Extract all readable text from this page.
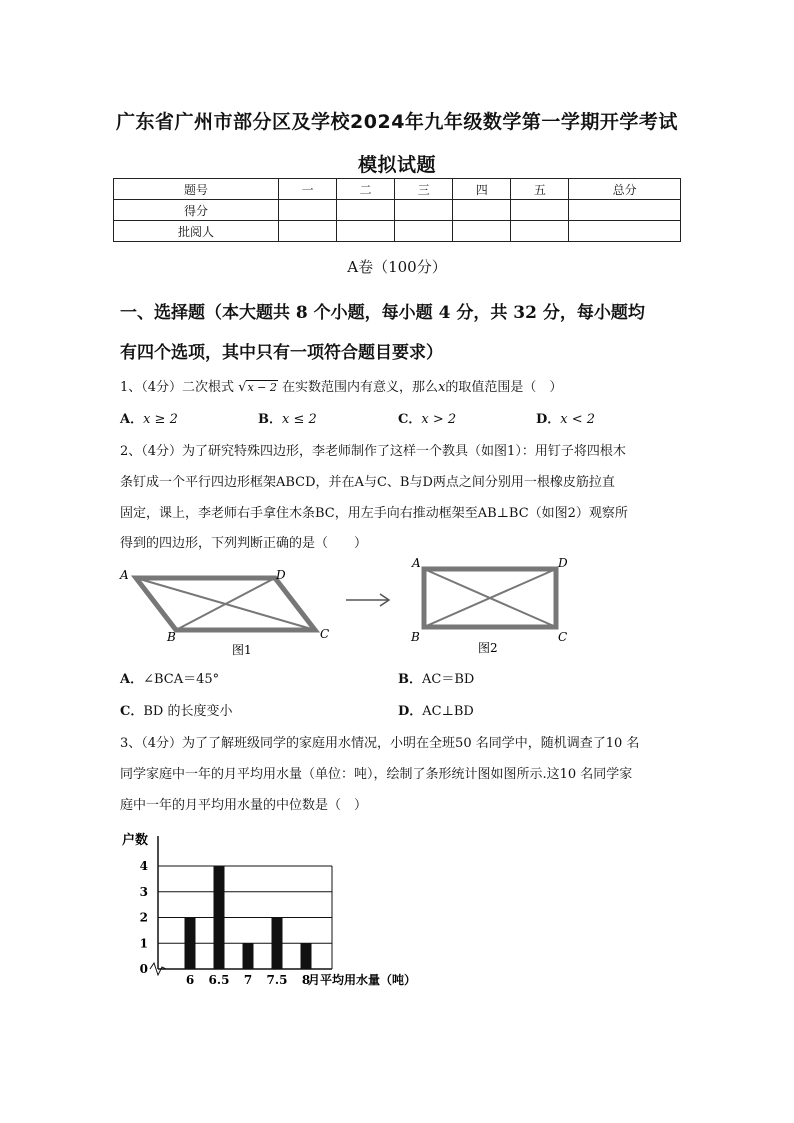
广东省广州市部分区及学校2024年九年级数学第一学期开学考试
模拟试题
题号	一	二	三	四	五	总分
得分						
批阅人						
A卷（100分）
一、选择题（本大题共 8 个小题，每小题 4 分，共 32 分，每小题均
有四个选项，其中只有一项符合题目要求）
1、（4分）二次根式 √x − 2 在实数范围内有意义，那么x的取值范围是（　）
A．x ≥ 2	B．x ≤ 2	C．x > 2	D．x < 2
2、（4分）为了研究特殊四边形，李老师制作了这样一个教具（如图1）：用钉子将四根木
条钉成一个平行四边形框架ABCD，并在A与C、B与D两点之间分别用一根橡皮筋拉直
固定，课上，李老师右手拿住木条BC，用左手向右推动框架至AB⊥BC（如图2）观察所
得到的四边形，下列判断正确的是（　　）
A	D
B	C
图1
A	D
B	C
图2
A．∠BCA＝45°	B．AC＝BD
C．BD 的长度变小	D．AC⊥BD
3、（4分）为了了解班级同学的家庭用水情况，小明在全班50 名同学中，随机调查了10 名
同学家庭中一年的月平均用水量（单位：吨），绘制了条形统计图如图所示.这10 名同学家
庭中一年的月平均用水量的中位数是（　）
户数
0
1
2
3
4
6 6.5 7 7.5 8
月平均用水量（吨）
